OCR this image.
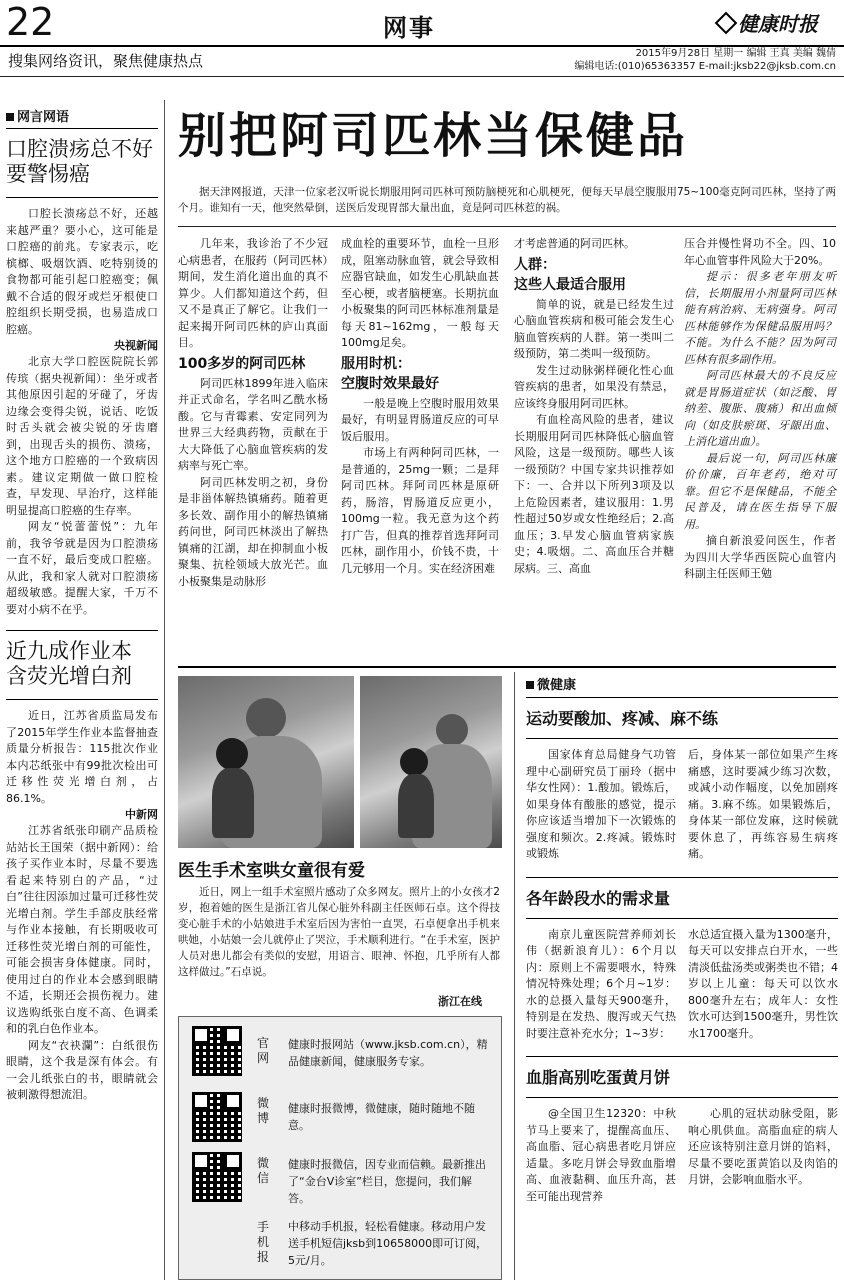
22	网事	健康时报
搜集网络资讯，聚焦健康热点	2015年9月28日 星期一 编辑 王真 美编 魏倩
编辑电话:(010)65363357 E-mail:jksb22@jksb.com.cn
网言网语
口腔溃疡总不好
要警惕癌

口腔长溃疡总不好，还越来越严重？要小心，这可能是口腔癌的前兆。专家表示，吃槟榔、吸烟饮酒、吃特别烫的食物都可能引起口腔癌变；佩戴不合适的假牙或烂牙根使口腔组织长期受损，也易造成口腔癌。

央视新闻

北京大学口腔医院院长郭传瑸（据央视新闻）：坐牙或者其他原因引起的牙碰了，牙齿边缘会变得尖锐，说话、吃饭时舌头就会被尖锐的牙齿磨到，出现舌头的损伤、溃疡，这个地方口腔癌的一个致病因素。建议定期做一做口腔检查，早发现、早治疗，这样能明显提高口腔癌的生存率。

网友“悦蕾蕾悦”：九年前，我爷爷就是因为口腔溃疡一直不好，最后变成口腔癌。从此，我和家人就对口腔溃疡超级敏感。提醒大家，千万不要对小病不在乎。

近九成作业本
含荧光增白剂

近日，江苏省质监局发布了2015年学生作业本监督抽查质量分析报告：115批次作业本内芯纸张中有99批次检出可迁移性荧光增白剂，占86.1%。

中新网

江苏省纸张印刷产品质检站站长王国荣（据中新网）：给孩子买作业本时，尽量不要选看起来特别白的产品，“过白”往往因添加过量可迁移性荧光增白剂。学生手部皮肤经常与作业本接触，有长期吸收可迁移性荧光增白剂的可能性，可能会损害身体健康。同时，使用过白的作业本会感到眼睛不适，长期还会损伤视力。建议选购纸张白度不高、色调柔和的乳白色作业本。

网友“衣袂瀾”：白纸很伤眼睛，这个我是深有体会。有一会儿纸张白的书，眼睛就会被刺激得想流泪。

别把阿司匹林当保健品

据天津网报道，天津一位家老汉听说长期服用阿司匹林可预防脑梗死和心肌梗死，便每天早晨空腹服用75~100毫克阿司匹林，坚持了两个月。谁知有一天，他突然晕倒，送医后发现胃部大量出血，竟是阿司匹林惹的祸。

几年来，我诊治了不少冠心病患者，在服药（阿司匹林）期间，发生消化道出血的真不算少。人们都知道这个药，但又不是真正了解它。让我们一起来揭开阿司匹林的庐山真面目。

100多岁的阿司匹林

阿司匹林1899年进入临床并正式命名，学名叫乙酰水杨酸。它与青霉素、安定同列为世界三大经典药物，贡献在于大大降低了心脑血管疾病的发病率与死亡率。

阿司匹林发明之初，身份是非甾体解热镇痛药。随着更多长效、副作用小的解热镇痛药问世，阿司匹林淡出了解热镇痛的江湖，却在抑制血小板聚集、抗栓领域大放光芒。血小板聚集是动脉形

成血栓的重要环节，血栓一旦形成，阻塞动脉血管，就会导致相应器官缺血，如发生心肌缺血甚至心梗，或者脑梗塞。长期抗血小板聚集的阿司匹林标准剂量是每天81~162mg，一般每天100mg足矣。

服用时机：
空腹时效果最好

一般是晚上空腹时服用效果最好，有明显胃肠道反应的可早饭后服用。

市场上有两种阿司匹林，一是普通的，25mg一颗；二是拜阿司匹林。拜阿司匹林是原研药，肠溶，胃肠道反应更小，100mg一粒。我无意为这个药打广告，但真的推荐首选拜阿司匹林，副作用小，价钱不贵，十几元够用一个月。实在经济困难

才考虑普通的阿司匹林。

人群：
这些人最适合服用

简单的说，就是已经发生过心脑血管疾病和极可能会发生心脑血管疾病的人群。第一类叫二级预防，第二类叫一级预防。

发生过动脉粥样硬化性心血管疾病的患者，如果没有禁忌，应该终身服用阿司匹林。

有血栓高风险的患者，建议长期服用阿司匹林降低心脑血管风险，这是一级预防。哪些人该一级预防？中国专家共识推荐如下：一、合并以下所列3项及以上危险因素者，建议服用：1.男性超过50岁或女性绝经后；2.高血压；3.早发心脑血管病家族史；4.吸烟。二、高血压合并糖尿病。三、高血

压合并慢性肾功不全。四、10年心血管事件风险大于20%。

提示：很多老年朋友听信，长期服用小剂量阿司匹林能有病治病、无病强身。阿司匹林能够作为保健品服用吗？不能。为什么不能？因为阿司匹林有很多副作用。

阿司匹林最大的不良反应就是胃肠道症状（如泛酸、胃纳差、腹胀、腹痛）和出血倾向（如皮肤瘀斑、牙龈出血、上消化道出血）。

最后说一句，阿司匹林廉价价廉，百年老药，绝对可靠。但它不是保健品，不能全民普及，请在医生指导下服用。

摘自新浪爱问医生，作者为四川大学华西医院心血管内科副主任医师王勉

医生手术室哄女童很有爱

近日，网上一组手术室照片感动了众多网友。照片上的小女孩才2岁，抱着她的医生是浙江省儿保心脏外科副主任医师石卓。这个得技变心脏手术的小姑娘进手术室后因为害怕一直哭，石卓便拿出手机来哄她，小姑娘一会儿就停止了哭泣，手术顺利进行。“在手术室，医护人员对患儿都会有类似的安慰，用语言、眼神、怀抱，几乎所有人都这样做过。”石卓说。

浙江在线
官网
健康时报网站（www.jksb.com.cn），精品健康新闻，健康服务专家。
微博
健康时报微博，微健康，随时随地不随意。
微信
健康时报微信，因专业而信赖。最新推出了“金台V诊室”栏目，您提问，我们解答。
手机报
中移动手机报，轻松看健康。移动用户发送手机短信jksb到10658000即可订阅，5元/月。
微健康
运动要酸加、疼减、麻不练

国家体育总局健身气功管理中心副研究员丁丽玲（据中华女性网）：1.酸加。锻炼后，如果身体有酸胀的感觉，提示你应该适当增加下一次锻炼的强度和频次。2.疼减。锻炼时或锻炼

后，身体某一部位如果产生疼痛感，这时要减少练习次数，或减小动作幅度，以免加剧疼痛。3.麻不练。如果锻炼后，身体某一部位发麻，这时候就要休息了，再练容易生病疼痛。

各年龄段水的需求量

南京儿童医院营养师刘长伟（据新浪育儿）：6个月以内：原则上不需要喂水，特殊情况特殊处理；6个月~1岁：水的总摄入量每天900毫升，特别是在发热、腹泻或天气热时要注意补充水分；1~3岁：

水总适宜摄入量为1300毫升，每天可以安排点白开水，一些清淡低盐汤类或粥类也不错；4岁以上儿童：每天可以饮水800毫升左右；成年人：女性饮水可达到1500毫升，男性饮水1700毫升。

血脂高别吃蛋黄月饼

@全国卫生12320：中秋节马上要来了，提醒高血压、高血脂、冠心病患者吃月饼应适量。多吃月饼会导致血脂增高、血液黏稠、血压升高，甚至可能出现营养

心肌的冠状动脉受阻，影响心肌供血。高脂血症的病人还应该特别注意月饼的馅料，尽量不要吃蛋黄馅以及肉馅的月饼，会影响血脂水平。
